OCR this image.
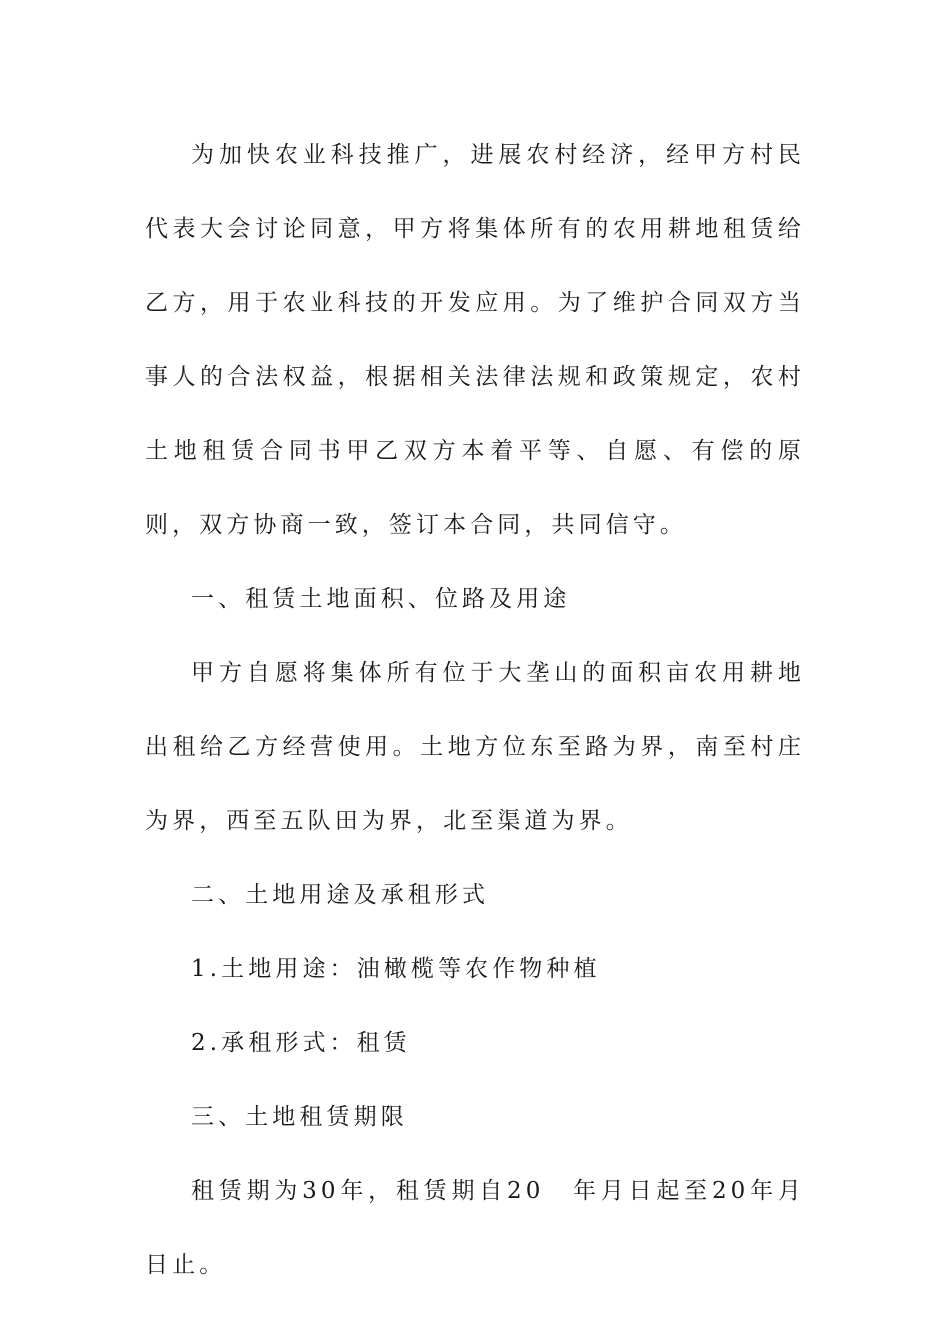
为加快农业科技推广，进展农村经济，经甲方村民代表大会讨论同意，甲方将集体所有的农用耕地租赁给乙方，用于农业科技的开发应用。为了维护合同双方当事人的合法权益，根据相关法律法规和政策规定，农村土地租赁合同书甲乙双方本着平等、自愿、有偿的原则，双方协商一致，签订本合同，共同信守。

一、租赁土地面积、位路及用途

甲方自愿将集体所有位于大垄山的面积亩农用耕地出租给乙方经营使用。土地方位东至路为界，南至村庄为界，西至五队田为界，北至渠道为界。

二、土地用途及承租形式

1.土地用途：油橄榄等农作物种植

2.承租形式：租赁

三、土地租赁期限

租赁期为30年，租赁期自20　年月日起至20年月日止。
